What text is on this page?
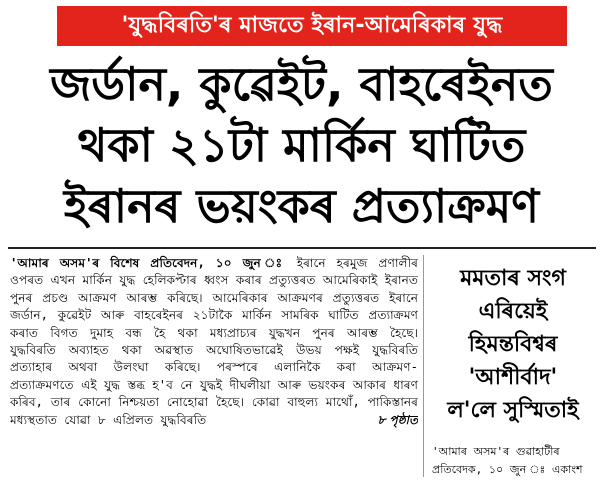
'যুদ্ধবিৰতি'ৰ মাজতে ইৰান-আমেৰিকাৰ যুদ্ধ
জৰ্ডান, কুৱেইট, বাহৰেইনত
থকা ২১টা মাৰ্কিন ঘাটিত
ইৰানৰ ভয়ংকৰ প্ৰত্যাক্ৰমণ
'আমাৰ অসম'ৰ বিশেষ প্ৰতিবেদন, ১০ জুন ঃ ইৰানে হৰমুজ প্ৰণালীৰ ওপৰত এখন মাৰ্কিন যুদ্ধ হেলিকপ্টাৰ ধ্বংস কৰাৰ প্ৰত্যুত্তৰত আমেৰিকাই ইৰানত পুনৰ প্ৰচণ্ড আক্ৰমণ আৰম্ভ কৰিছে। আমেৰিকাৰ আক্ৰমণৰ প্ৰত্যুত্তৰত ইৰানে জৰ্ডান, কুৱেইট আৰু বাহৰেইনৰ ২১টাকৈ মাৰ্কিন সামৰিক ঘাটিত প্ৰত্যাক্ৰমণ কৰাত বিগত দুমাহ বন্ধ হৈ থকা মধ্যপ্ৰাচ্যৰ যুদ্ধখন পুনৰ আৰম্ভ হৈছে। যুদ্ধবিৰতি অব্যাহত থকা অৱস্থাত অঘোষিতভাৱেই উভয় পক্ষই যুদ্ধবিৰতি প্ৰত্যাহাৰ অথবা উলংঘা কৰিছে। পৰস্পৰে এলানিকৈ কৰা আক্ৰমণ-প্ৰত্যাক্ৰমণতে এই যুদ্ধ স্তব্ধ হ'ব নে যুদ্ধই দীঘলীয়া আৰু ভয়ংকৰ আকাৰ ধাৰণ কৰিব, তাৰ কোনো নিশ্চয়তা নোহোৱা হৈছে। কোৱা বাহুল্য মাথোঁ, পাকিস্তানৰ মধ্যস্থতাত যোৱা ৮ এপ্ৰিলত যুদ্ধবিৰতি	৮ পৃষ্ঠাত
মমতাৰ সংগ
এৰিয়েই
হিমন্তবিশ্বৰ
'আশীৰ্বাদ'
ল'লে সুস্মিতাই
'আমাৰ অসম'ৰ গুৱাহাটীৰ প্ৰতিবেদক, ১০ জুন ঃ একাংশ
